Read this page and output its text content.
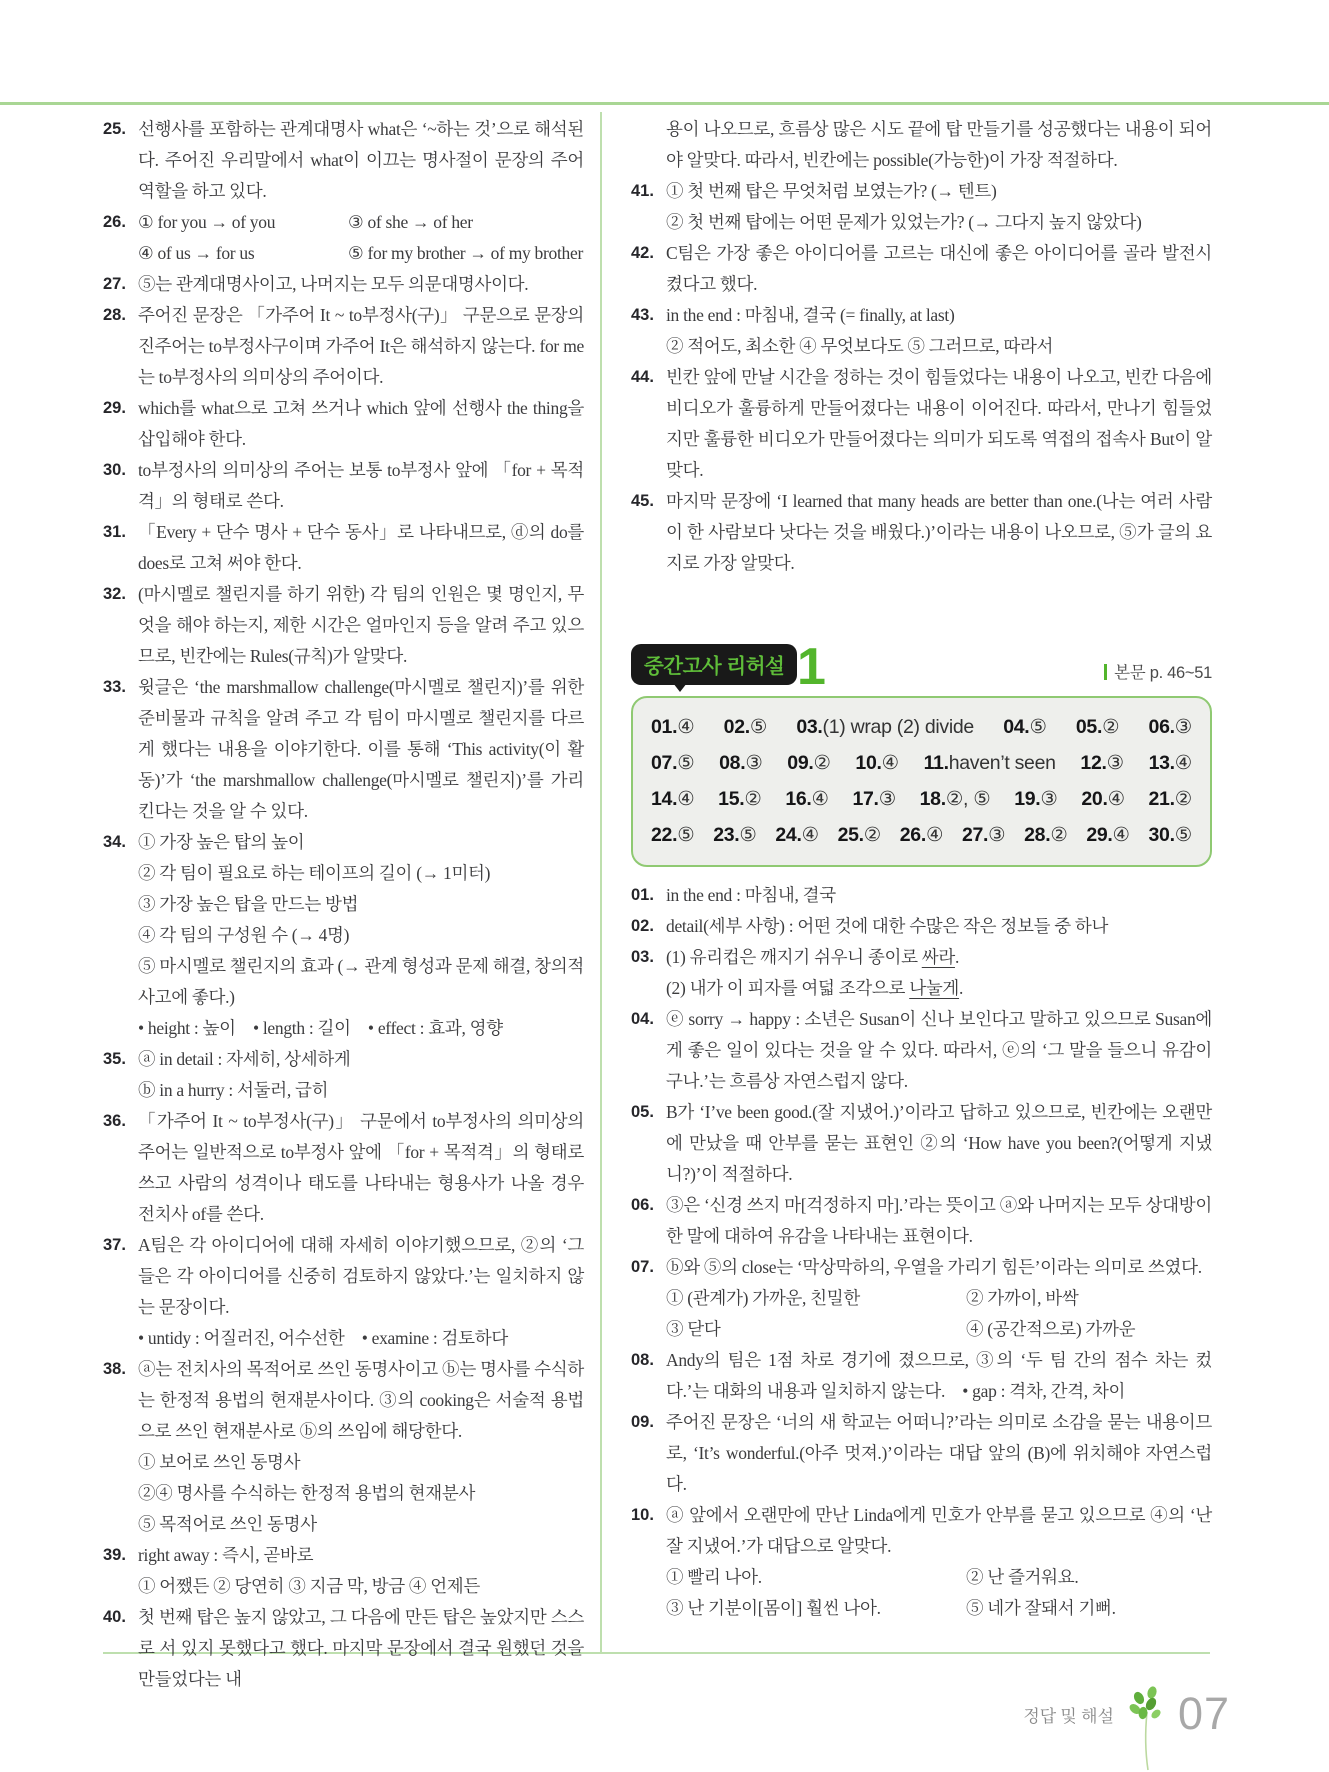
25. 선행사를 포함하는 관계대명사 what은 ‘~하는 것’으로 해석된다. 주어진 우리말에서 what이 이끄는 명사절이 문장의 주어 역할을 하고 있다.
26. ① for you → of you	③ of she → of her
④ of us → for us	⑤ for my brother → of my brother
27. ⑤는 관계대명사이고, 나머지는 모두 의문대명사이다.
28. 주어진 문장은 「가주어 It ~ to부정사(구)」 구문으로 문장의 진주어는 to부정사구이며 가주어 It은 해석하지 않는다. for me는 to부정사의 의미상의 주어이다.
29. which를 what으로 고쳐 쓰거나 which 앞에 선행사 the thing을 삽입해야 한다.
30. to부정사의 의미상의 주어는 보통 to부정사 앞에 「for + 목적격」의 형태로 쓴다.
31. 「Every + 단수 명사 + 단수 동사」로 나타내므로, ⓓ의 do를 does로 고쳐 써야 한다.
32. (마시멜로 챌린지를 하기 위한) 각 팀의 인원은 몇 명인지, 무엇을 해야 하는지, 제한 시간은 얼마인지 등을 알려 주고 있으므로, 빈칸에는 Rules(규칙)가 알맞다.
33. 윗글은 ‘the marshmallow challenge(마시멜로 챌린지)’를 위한 준비물과 규칙을 알려 주고 각 팀이 마시멜로 챌린지를 다르게 했다는 내용을 이야기한다. 이를 통해 ‘This activity(이 활동)’가 ‘the marshmallow challenge(마시멜로 챌린지)’를 가리킨다는 것을 알 수 있다.
34. ① 가장 높은 탑의 높이
② 각 팀이 필요로 하는 테이프의 길이 (→ 1미터)
③ 가장 높은 탑을 만드는 방법
④ 각 팀의 구성원 수 (→ 4명)
⑤ 마시멜로 챌린지의 효과 (→ 관계 형성과 문제 해결, 창의적 사고에 좋다.)
• height : 높이　• length : 길이　• effect : 효과, 영향
35. ⓐ in detail : 자세히, 상세하게
ⓑ in a hurry : 서둘러, 급히
36. 「가주어 It ~ to부정사(구)」 구문에서 to부정사의 의미상의 주어는 일반적으로 to부정사 앞에 「for + 목적격」의 형태로 쓰고 사람의 성격이나 태도를 나타내는 형용사가 나올 경우 전치사 of를 쓴다.
37. A팀은 각 아이디어에 대해 자세히 이야기했으므로, ②의 ‘그들은 각 아이디어를 신중히 검토하지 않았다.’는 일치하지 않는 문장이다.
• untidy : 어질러진, 어수선한　• examine : 검토하다
38. ⓐ는 전치사의 목적어로 쓰인 동명사이고 ⓑ는 명사를 수식하는 한정적 용법의 현재분사이다. ③의 cooking은 서술적 용법으로 쓰인 현재분사로 ⓑ의 쓰임에 해당한다.
① 보어로 쓰인 동명사
②④ 명사를 수식하는 한정적 용법의 현재분사
⑤ 목적어로 쓰인 동명사
39. right away : 즉시, 곧바로
① 어쨌든 ② 당연히 ③ 지금 막, 방금 ④ 언제든
40. 첫 번째 탑은 높지 않았고, 그 다음에 만든 탑은 높았지만 스스로 서 있지 못했다고 했다. 마지막 문장에서 결국 원했던 것을 만들었다는 내
용이 나오므로, 흐름상 많은 시도 끝에 탑 만들기를 성공했다는 내용이 되어야 알맞다. 따라서, 빈칸에는 possible(가능한)이 가장 적절하다.
41. ① 첫 번째 탑은 무엇처럼 보였는가? (→ 텐트)
② 첫 번째 탑에는 어떤 문제가 있었는가? (→ 그다지 높지 않았다)
42. C팀은 가장 좋은 아이디어를 고르는 대신에 좋은 아이디어를 골라 발전시켰다고 했다.
43. in the end : 마침내, 결국 (= finally, at last)
② 적어도, 최소한 ④ 무엇보다도 ⑤ 그러므로, 따라서
44. 빈칸 앞에 만날 시간을 정하는 것이 힘들었다는 내용이 나오고, 빈칸 다음에 비디오가 훌륭하게 만들어졌다는 내용이 이어진다. 따라서, 만나기 힘들었지만 훌륭한 비디오가 만들어졌다는 의미가 되도록 역접의 접속사 But이 알맞다.
45. 마지막 문장에 ‘I learned that many heads are better than one.(나는 여러 사람이 한 사람보다 낫다는 것을 배웠다.)’이라는 내용이 나오므로, ⑤가 글의 요지로 가장 알맞다.
중간고사 리허설 1	본문 p. 46~51
01.④ 02.⑤ 03.(1) wrap (2) divide 04.⑤ 05.② 06.③
07.⑤ 08.③ 09.② 10.④ 11.haven’t seen 12.③ 13.④
14.④ 15.② 16.④ 17.③ 18.②, ⑤ 19.③ 20.④ 21.②
22.⑤ 23.⑤ 24.④ 25.② 26.④ 27.③ 28.② 29.④ 30.⑤
01. in the end : 마침내, 결국
02. detail(세부 사항) : 어떤 것에 대한 수많은 작은 정보들 중 하나
03. (1) 유리컵은 깨지기 쉬우니 종이로 싸라.
(2) 내가 이 피자를 여덟 조각으로 나눌게.
04. ⓔ sorry → happy : 소년은 Susan이 신나 보인다고 말하고 있으므로 Susan에게 좋은 일이 있다는 것을 알 수 있다. 따라서, ⓔ의 ‘그 말을 들으니 유감이구나.’는 흐름상 자연스럽지 않다.
05. B가 ‘I’ve been good.(잘 지냈어.)’이라고 답하고 있으므로, 빈칸에는 오랜만에 만났을 때 안부를 묻는 표현인 ②의 ‘How have you been?(어떻게 지냈니?)’이 적절하다.
06. ③은 ‘신경 쓰지 마[걱정하지 마].’라는 뜻이고 ⓐ와 나머지는 모두 상대방이 한 말에 대하여 유감을 나타내는 표현이다.
07. ⓑ와 ⑤의 close는 ‘막상막하의, 우열을 가리기 힘든’이라는 의미로 쓰였다.
① (관계가) 가까운, 친밀한	② 가까이, 바싹
③ 닫다	④ (공간적으로) 가까운
08. Andy의 팀은 1점 차로 경기에 졌으므로, ③의 ‘두 팀 간의 점수 차는 컸다.’는 대화의 내용과 일치하지 않는다.　• gap : 격차, 간격, 차이
09. 주어진 문장은 ‘너의 새 학교는 어떠니?’라는 의미로 소감을 묻는 내용이므로, ‘It’s wonderful.(아주 멋져.)’이라는 대답 앞의 (B)에 위치해야 자연스럽다.
10. ⓐ 앞에서 오랜만에 만난 Linda에게 민호가 안부를 묻고 있으므로 ④의 ‘난 잘 지냈어.’가 대답으로 알맞다.
① 빨리 나아.	② 난 즐거워요.
③ 난 기분이[몸이] 훨씬 나아.	⑤ 네가 잘돼서 기뻐.
정답 및 해설 07
